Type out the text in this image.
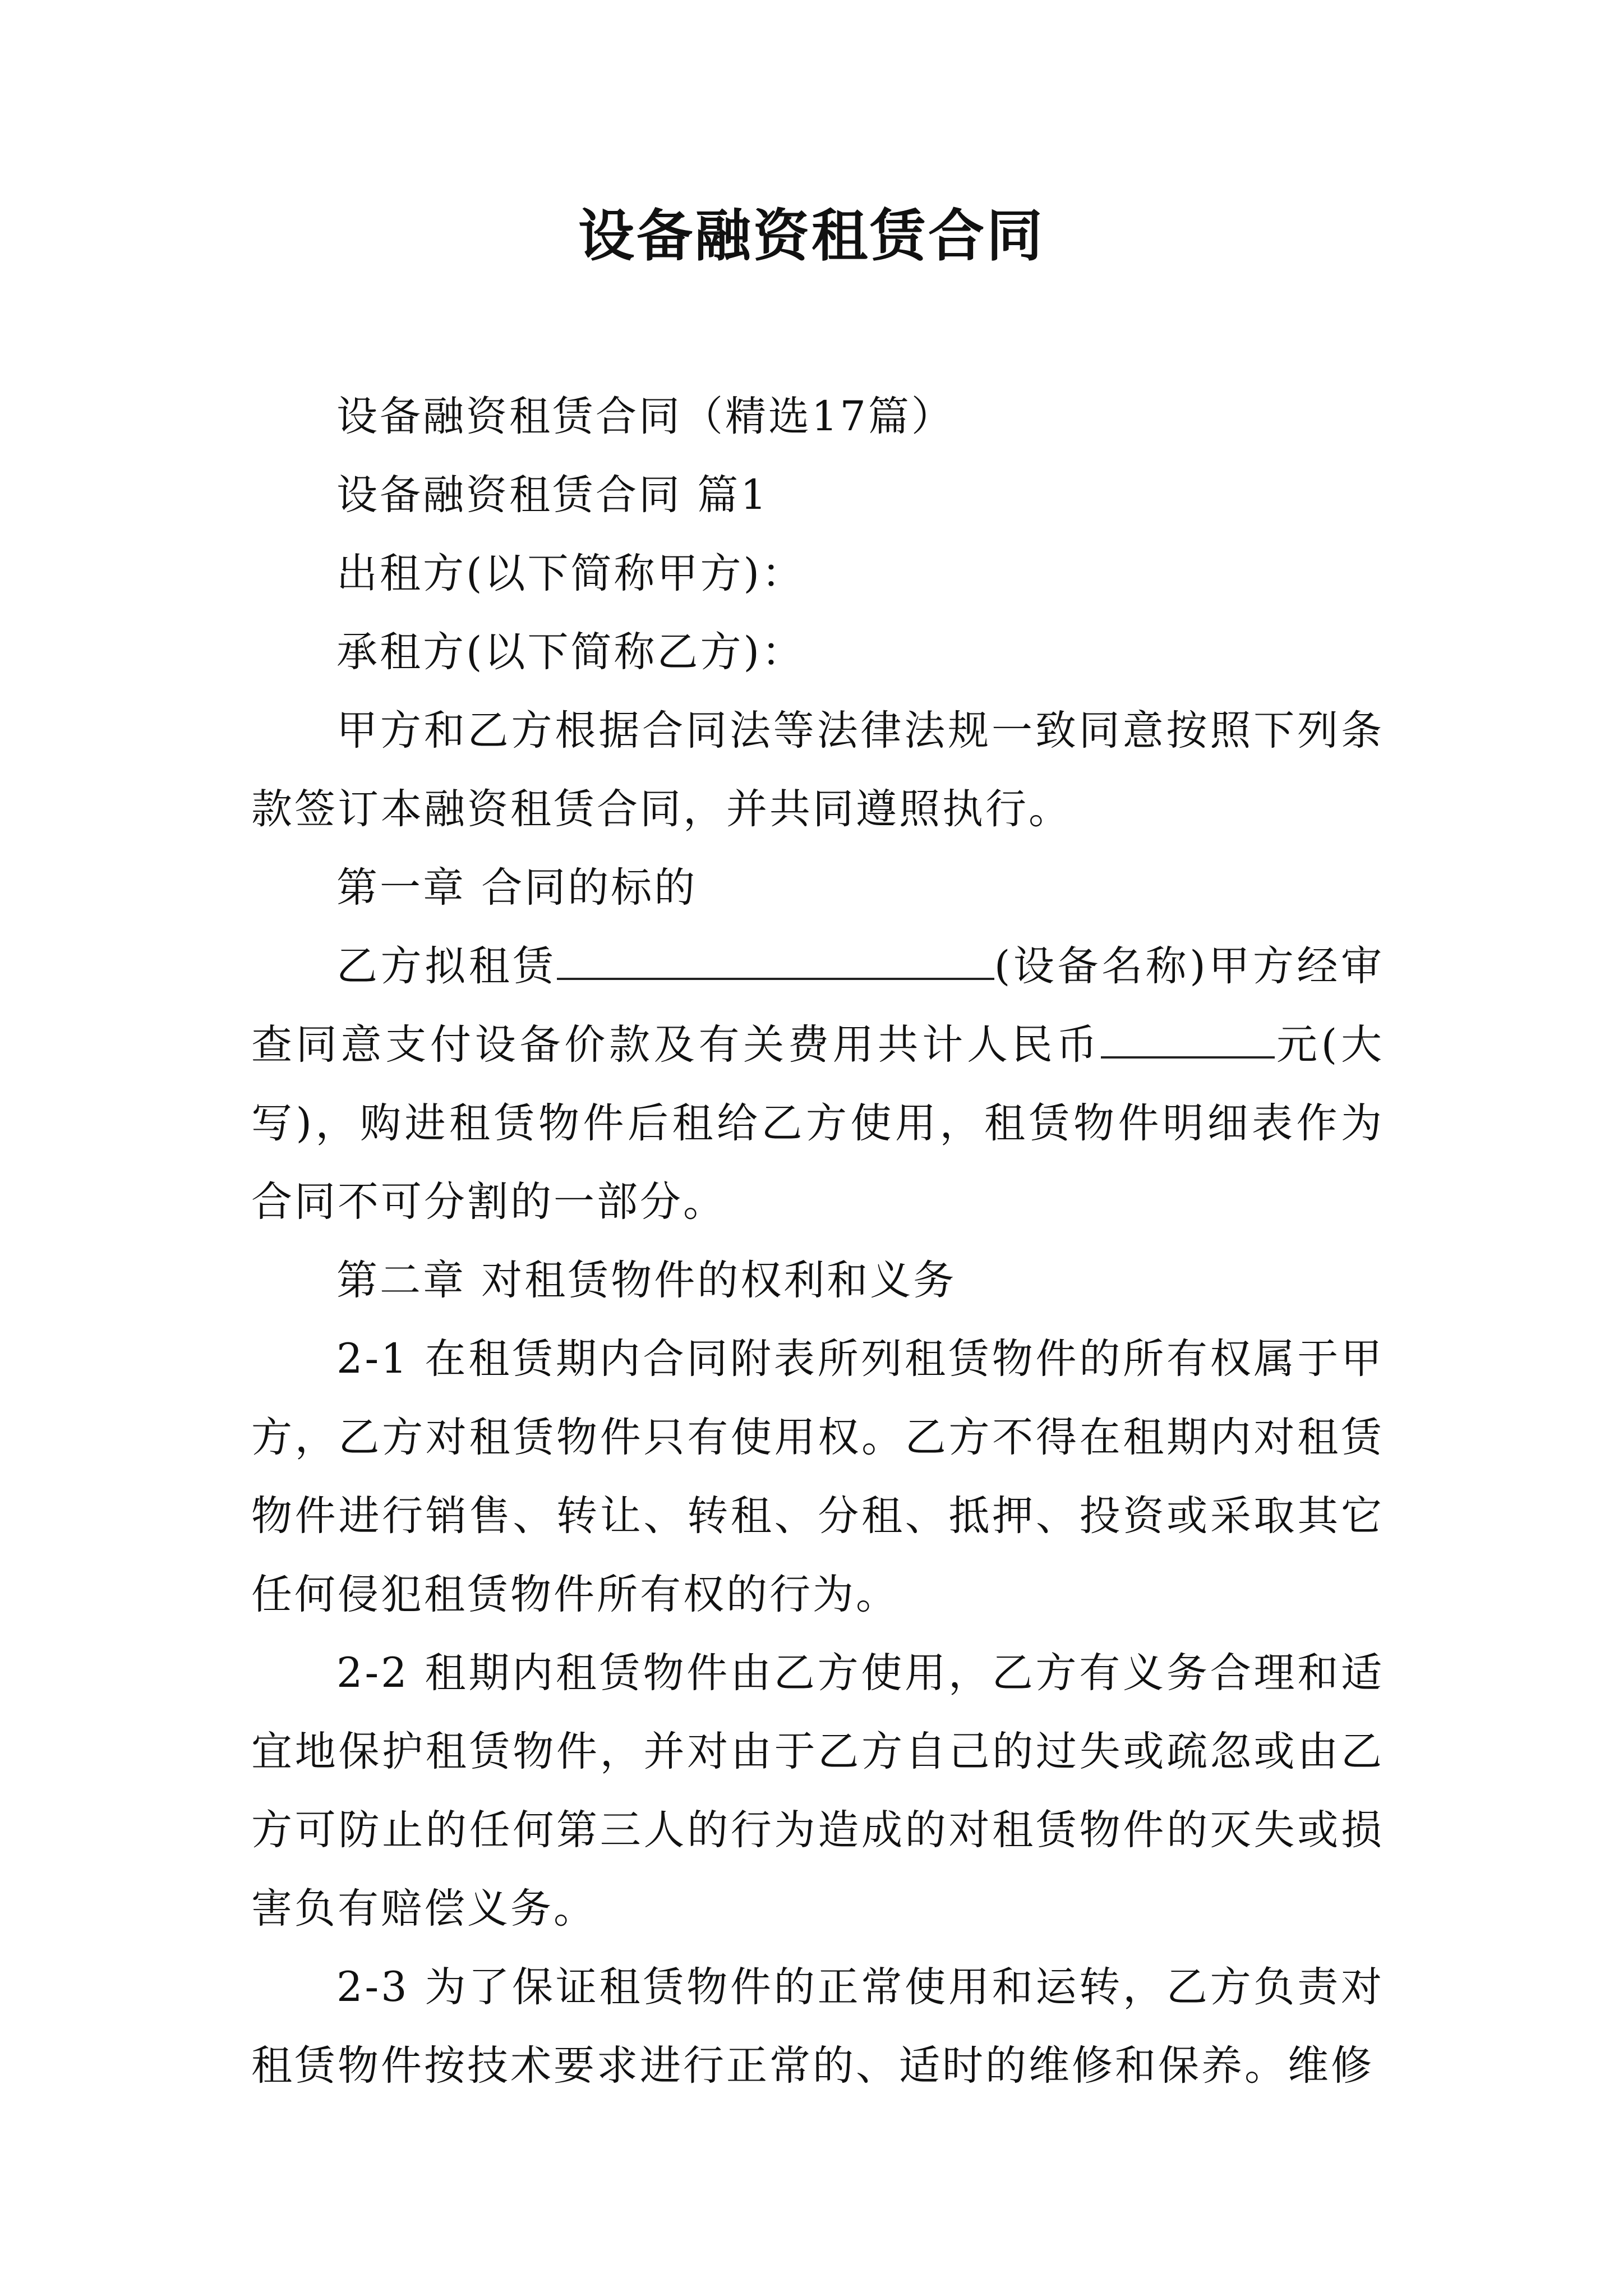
设备融资租赁合同

设备融资租赁合同（精选17篇）

设备融资租赁合同 篇1

出租方(以下简称甲方)：

承租方(以下简称乙方)：

甲方和乙方根据合同法等法律法规一致同意按照下列条款签订本融资租赁合同，并共同遵照执行。

第一章 合同的标的

乙方拟租赁	(设备名称)甲方经审查同意支付设备价款及有关费用共计人民币	元(大写)，购进租赁物件后租给乙方使用，租赁物件明细表作为合同不可分割的一部分。

第二章 对租赁物件的权利和义务

2-1 在租赁期内合同附表所列租赁物件的所有权属于甲方，乙方对租赁物件只有使用权。乙方不得在租期内对租赁物件进行销售、转让、转租、分租、抵押、投资或采取其它任何侵犯租赁物件所有权的行为。

2-2 租期内租赁物件由乙方使用，乙方有义务合理和适宜地保护租赁物件，并对由于乙方自己的过失或疏忽或由乙方可防止的任何第三人的行为造成的对租赁物件的灭失或损害负有赔偿义务。

2-3 为了保证租赁物件的正常使用和运转，乙方负责对租赁物件按技术要求进行正常的、适时的维修和保养。维修
